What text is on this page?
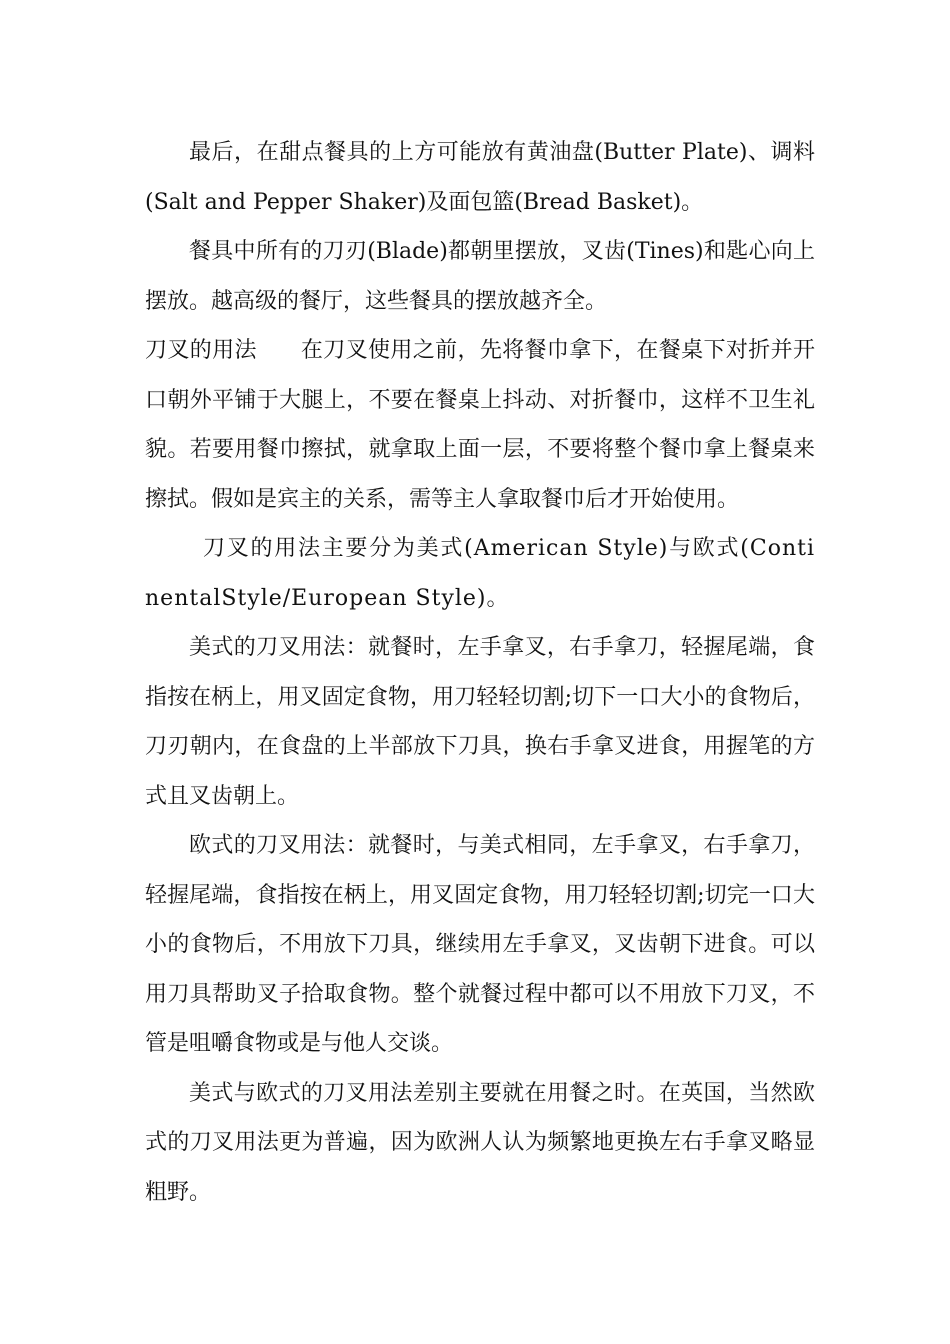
最后，在甜点餐具的上方可能放有黄油盘(Butter Plate)、调料(Salt and Pepper Shaker)及面包篮(Bread Basket)。

餐具中所有的刀刃(Blade)都朝里摆放，叉齿(Tines)和匙心向上摆放。越高级的餐厅，这些餐具的摆放越齐全。

刀叉的用法 在刀叉使用之前，先将餐巾拿下，在餐桌下对折并开口朝外平铺于大腿上，不要在餐桌上抖动、对折餐巾，这样不卫生礼貌。若要用餐巾擦拭，就拿取上面一层，不要将整个餐巾拿上餐桌来擦拭。假如是宾主的关系，需等主人拿取餐巾后才开始使用。

刀叉的用法主要分为美式(American Style)与欧式(ContinentalStyle/European Style)。

美式的刀叉用法：就餐时，左手拿叉，右手拿刀，轻握尾端，食指按在柄上，用叉固定食物，用刀轻轻切割;切下一口大小的食物后，刀刃朝内，在食盘的上半部放下刀具，换右手拿叉进食，用握笔的方式且叉齿朝上。

欧式的刀叉用法：就餐时，与美式相同，左手拿叉，右手拿刀，轻握尾端，食指按在柄上，用叉固定食物，用刀轻轻切割;切完一口大小的食物后，不用放下刀具，继续用左手拿叉，叉齿朝下进食。可以用刀具帮助叉子拾取食物。整个就餐过程中都可以不用放下刀叉，不管是咀嚼食物或是与他人交谈。

美式与欧式的刀叉用法差别主要就在用餐之时。在英国，当然欧式的刀叉用法更为普遍，因为欧洲人认为频繁地更换左右手拿叉略显粗野。
